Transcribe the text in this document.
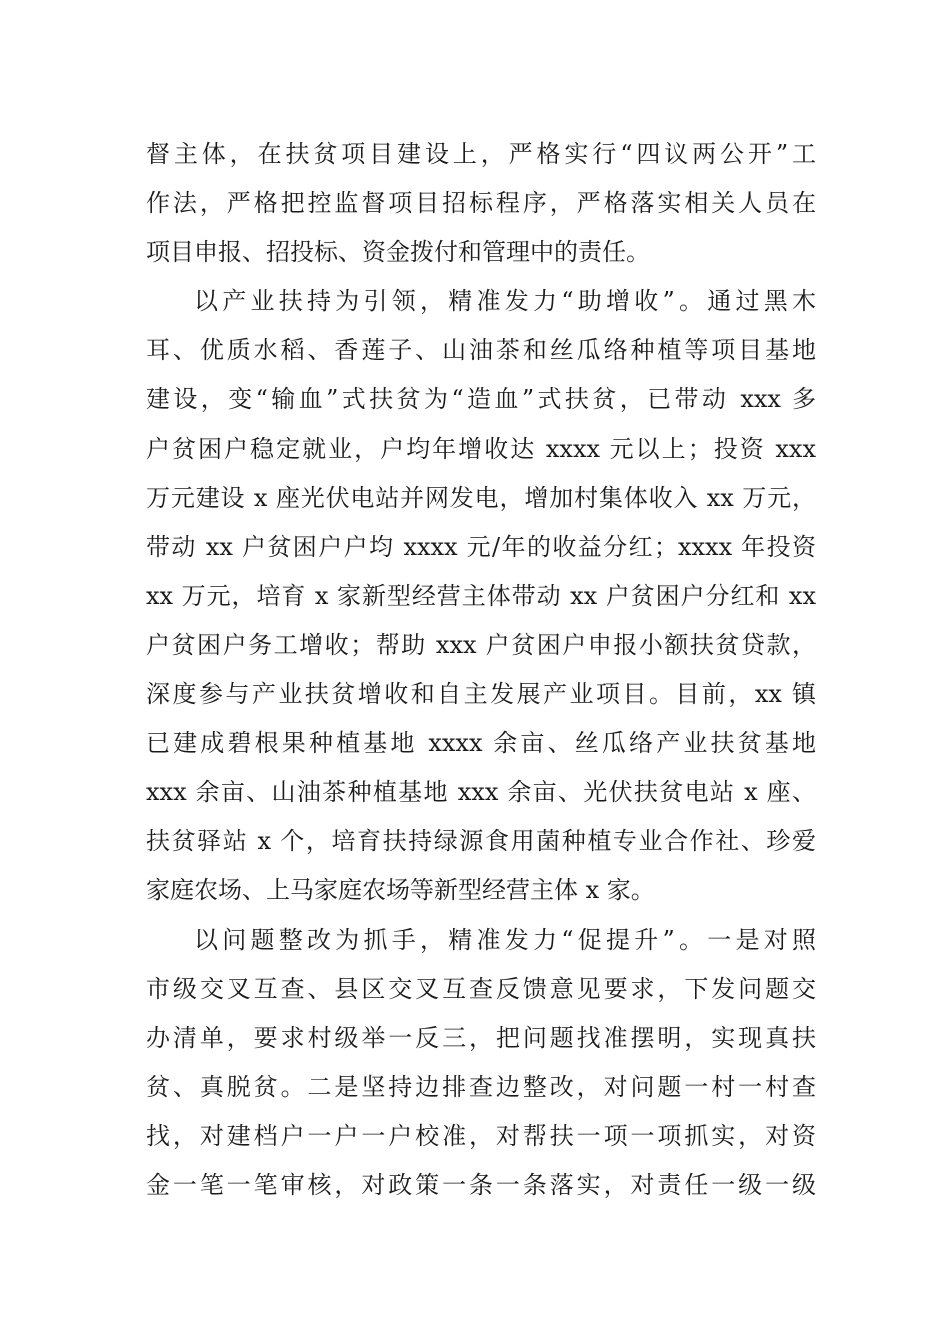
督主体，在扶贫项目建设上，严格实行“四议两公开”工
作法，严格把控监督项目招标程序，严格落实相关人员在
项目申报、招投标、资金拨付和管理中的责任。
以产业扶持为引领，精准发力“助增收”。通过黑木
耳、优质水稻、香莲子、山油茶和丝瓜络种植等项目基地
建设，变“输血”式扶贫为“造血”式扶贫，已带动 xxx 多
户贫困户稳定就业，户均年增收达 xxxx 元以上；投资 xxx
万元建设 x 座光伏电站并网发电，增加村集体收入 xx 万元，
带动 xx 户贫困户户均 xxxx 元/年的收益分红；xxxx 年投资
xx 万元，培育 x 家新型经营主体带动 xx 户贫困户分红和 xx
户贫困户务工增收；帮助 xxx 户贫困户申报小额扶贫贷款，
深度参与产业扶贫增收和自主发展产业项目。目前，xx 镇
已建成碧根果种植基地 xxxx 余亩、丝瓜络产业扶贫基地
xxx 余亩、山油茶种植基地 xxx 余亩、光伏扶贫电站 x 座、
扶贫驿站 x 个，培育扶持绿源食用菌种植专业合作社、珍爱
家庭农场、上马家庭农场等新型经营主体 x 家。
以问题整改为抓手，精准发力“促提升”。一是对照
市级交叉互查、县区交叉互查反馈意见要求，下发问题交
办清单，要求村级举一反三，把问题找准摆明，实现真扶
贫、真脱贫。二是坚持边排查边整改，对问题一村一村查
找，对建档户一户一户校准，对帮扶一项一项抓实，对资
金一笔一笔审核，对政策一条一条落实，对责任一级一级
